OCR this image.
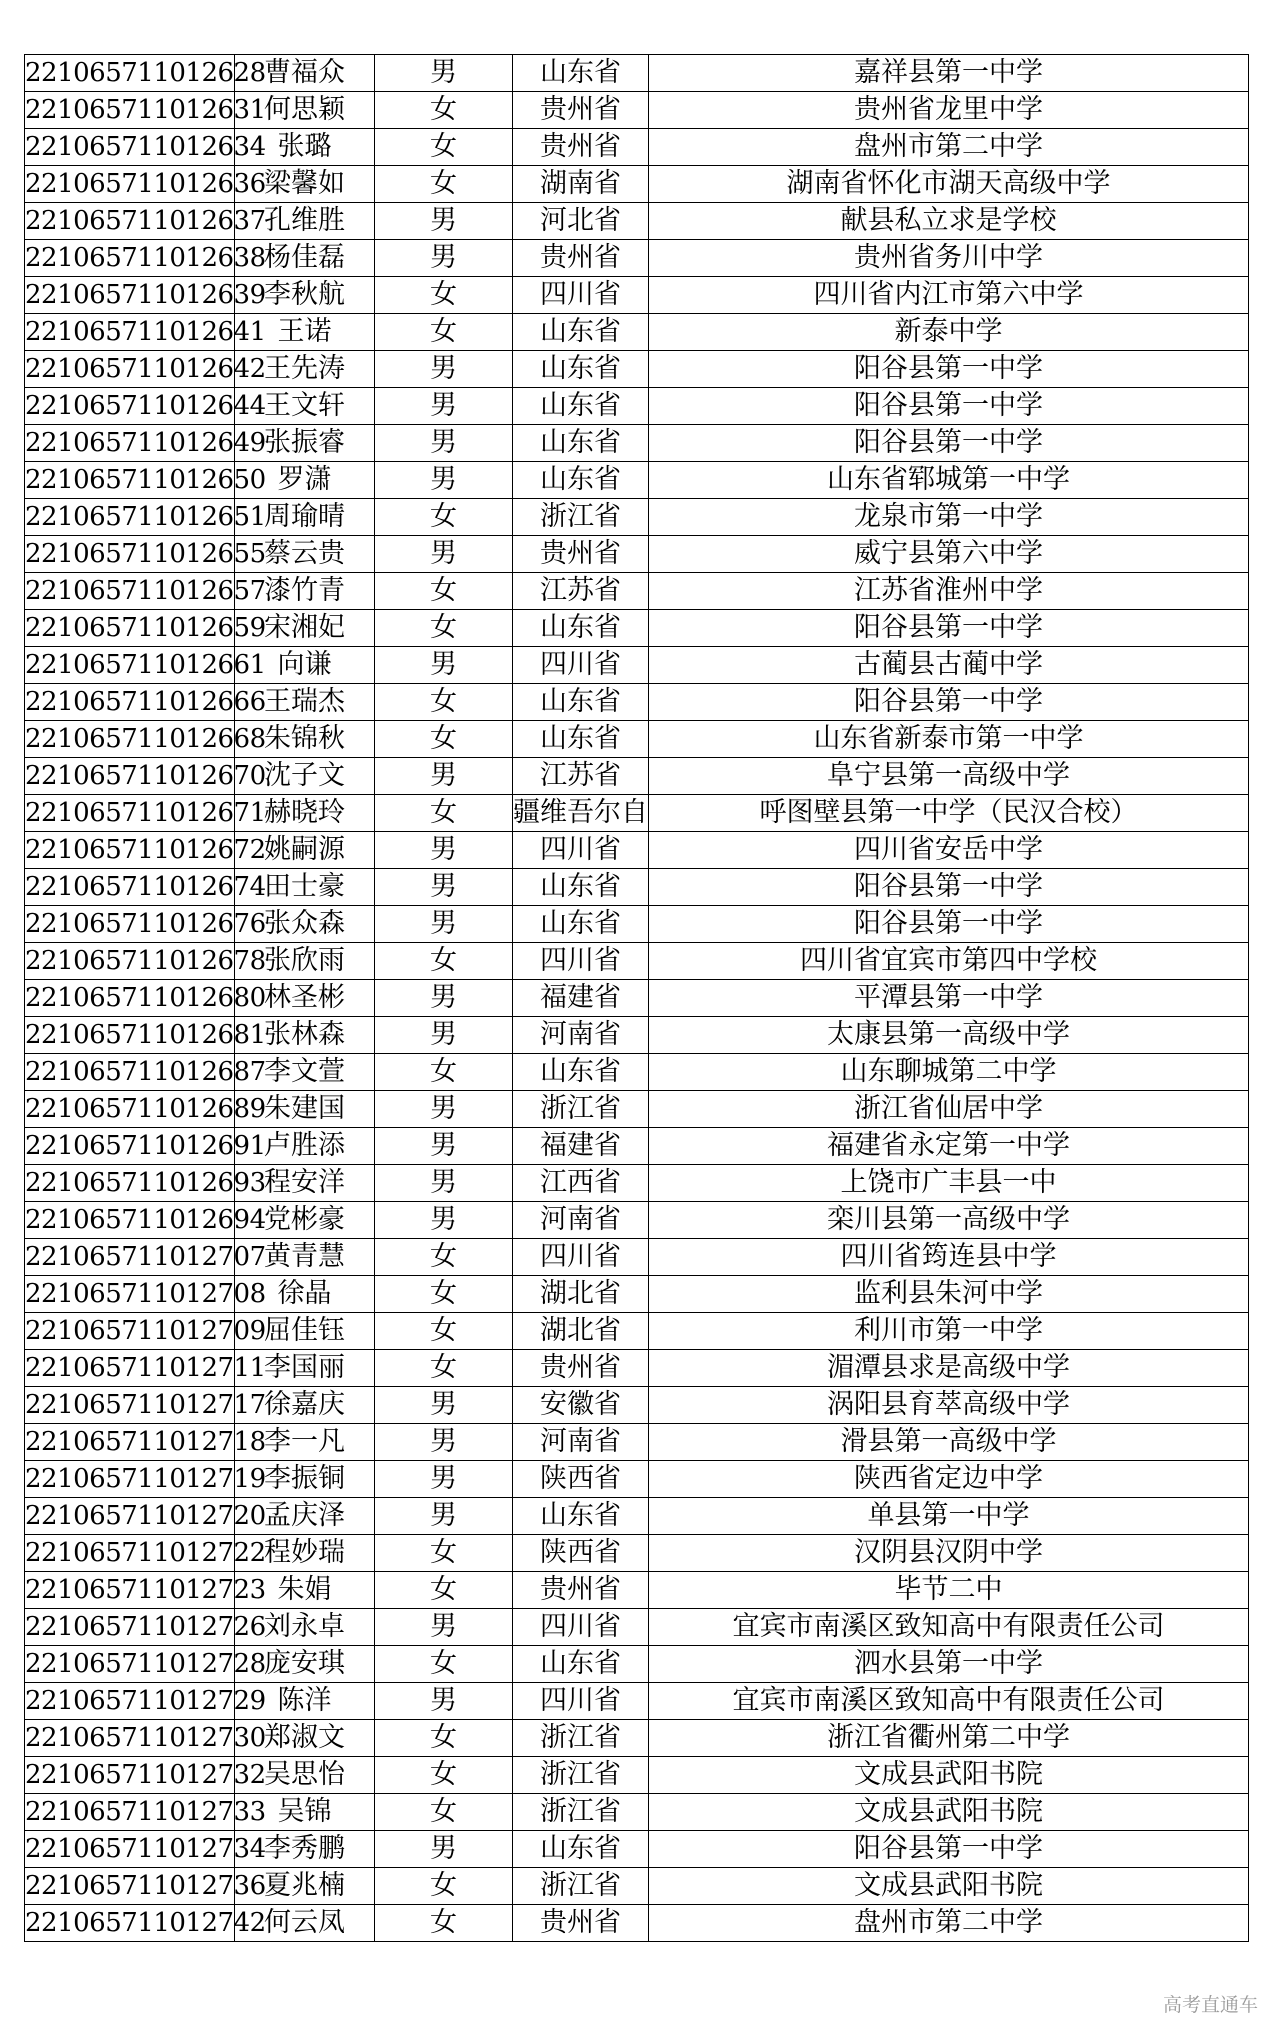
221065711012628	曹福众	男	山东省	嘉祥县第一中学
221065711012631	何思颖	女	贵州省	贵州省龙里中学
221065711012634	张璐	女	贵州省	盘州市第二中学
221065711012636	梁馨如	女	湖南省	湖南省怀化市湖天高级中学
221065711012637	孔维胜	男	河北省	献县私立求是学校
221065711012638	杨佳磊	男	贵州省	贵州省务川中学
221065711012639	李秋航	女	四川省	四川省内江市第六中学
221065711012641	王诺	女	山东省	新泰中学
221065711012642	王先涛	男	山东省	阳谷县第一中学
221065711012644	王文轩	男	山东省	阳谷县第一中学
221065711012649	张振睿	男	山东省	阳谷县第一中学
221065711012650	罗潇	男	山东省	山东省郓城第一中学
221065711012651	周瑜晴	女	浙江省	龙泉市第一中学
221065711012655	蔡云贵	男	贵州省	威宁县第六中学
221065711012657	漆竹青	女	江苏省	江苏省淮州中学
221065711012659	宋湘妃	女	山东省	阳谷县第一中学
221065711012661	向谦	男	四川省	古蔺县古蔺中学
221065711012666	王瑞杰	女	山东省	阳谷县第一中学
221065711012668	朱锦秋	女	山东省	山东省新泰市第一中学
221065711012670	沈子文	男	江苏省	阜宁县第一高级中学
221065711012671	赫晓玲	女	疆维吾尔自	呼图壁县第一中学（民汉合校）
221065711012672	姚嗣源	男	四川省	四川省安岳中学
221065711012674	田士豪	男	山东省	阳谷县第一中学
221065711012676	张众森	男	山东省	阳谷县第一中学
221065711012678	张欣雨	女	四川省	四川省宜宾市第四中学校
221065711012680	林圣彬	男	福建省	平潭县第一中学
221065711012681	张林森	男	河南省	太康县第一高级中学
221065711012687	李文萱	女	山东省	山东聊城第二中学
221065711012689	朱建国	男	浙江省	浙江省仙居中学
221065711012691	卢胜添	男	福建省	福建省永定第一中学
221065711012693	程安洋	男	江西省	上饶市广丰县一中
221065711012694	党彬豪	男	河南省	栾川县第一高级中学
221065711012707	黄青慧	女	四川省	四川省筠连县中学
221065711012708	徐晶	女	湖北省	监利县朱河中学
221065711012709	屈佳钰	女	湖北省	利川市第一中学
221065711012711	李国丽	女	贵州省	湄潭县求是高级中学
221065711012717	徐嘉庆	男	安徽省	涡阳县育萃高级中学
221065711012718	李一凡	男	河南省	滑县第一高级中学
221065711012719	李振铜	男	陕西省	陕西省定边中学
221065711012720	孟庆泽	男	山东省	单县第一中学
221065711012722	程妙瑞	女	陕西省	汉阴县汉阴中学
221065711012723	朱娟	女	贵州省	毕节二中
221065711012726	刘永卓	男	四川省	宜宾市南溪区致知高中有限责任公司
221065711012728	庞安琪	女	山东省	泗水县第一中学
221065711012729	陈洋	男	四川省	宜宾市南溪区致知高中有限责任公司
221065711012730	郑淑文	女	浙江省	浙江省衢州第二中学
221065711012732	吴思怡	女	浙江省	文成县武阳书院
221065711012733	吴锦	女	浙江省	文成县武阳书院
221065711012734	李秀鹏	男	山东省	阳谷县第一中学
221065711012736	夏兆楠	女	浙江省	文成县武阳书院
221065711012742	何云凤	女	贵州省	盘州市第二中学
高考直通车
